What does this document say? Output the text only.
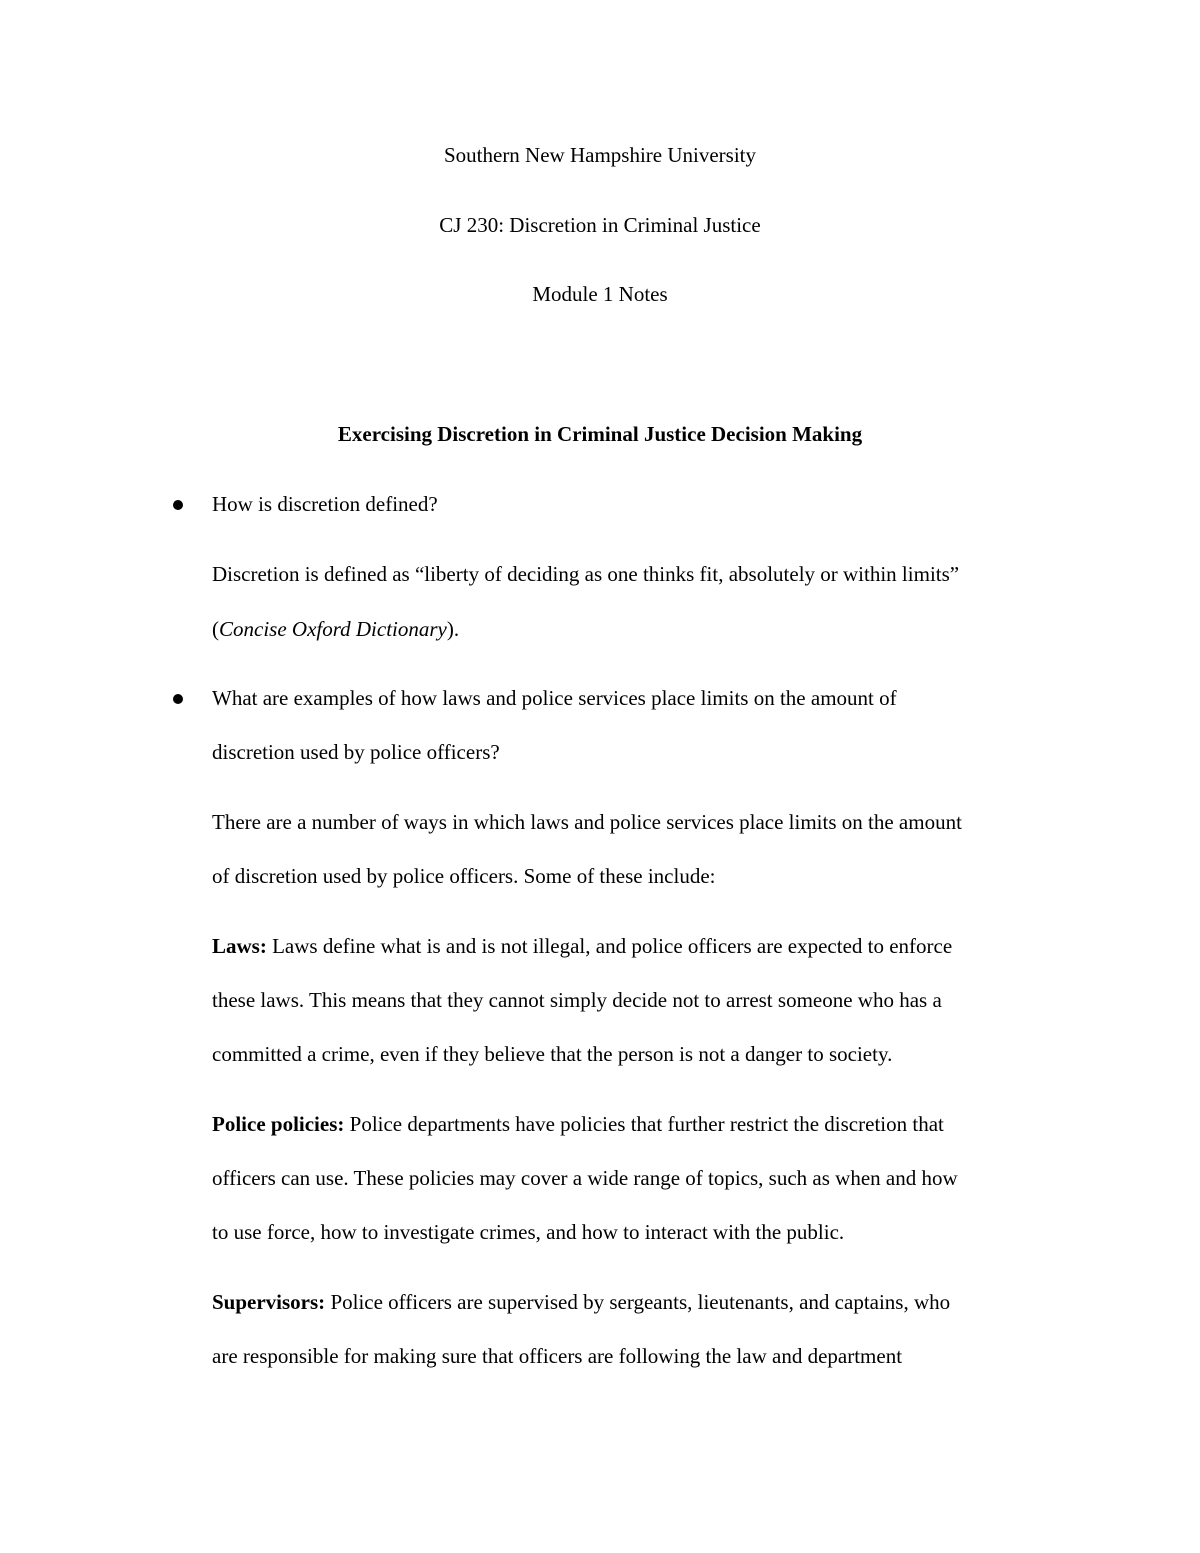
Southern New Hampshire University
CJ 230: Discretion in Criminal Justice
Module 1 Notes
Exercising Discretion in Criminal Justice Decision Making
How is discretion defined?
Discretion is defined as “liberty of deciding as one thinks fit, absolutely or within limits”
(Concise Oxford Dictionary).
What are examples of how laws and police services place limits on the amount of
discretion used by police officers?
There are a number of ways in which laws and police services place limits on the amount
of discretion used by police officers. Some of these include:
Laws: Laws define what is and is not illegal, and police officers are expected to enforce
these laws. This means that they cannot simply decide not to arrest someone who has a
committed a crime, even if they believe that the person is not a danger to society.
Police policies: Police departments have policies that further restrict the discretion that
officers can use. These policies may cover a wide range of topics, such as when and how
to use force, how to investigate crimes, and how to interact with the public.
Supervisors: Police officers are supervised by sergeants, lieutenants, and captains, who
are responsible for making sure that officers are following the law and department
